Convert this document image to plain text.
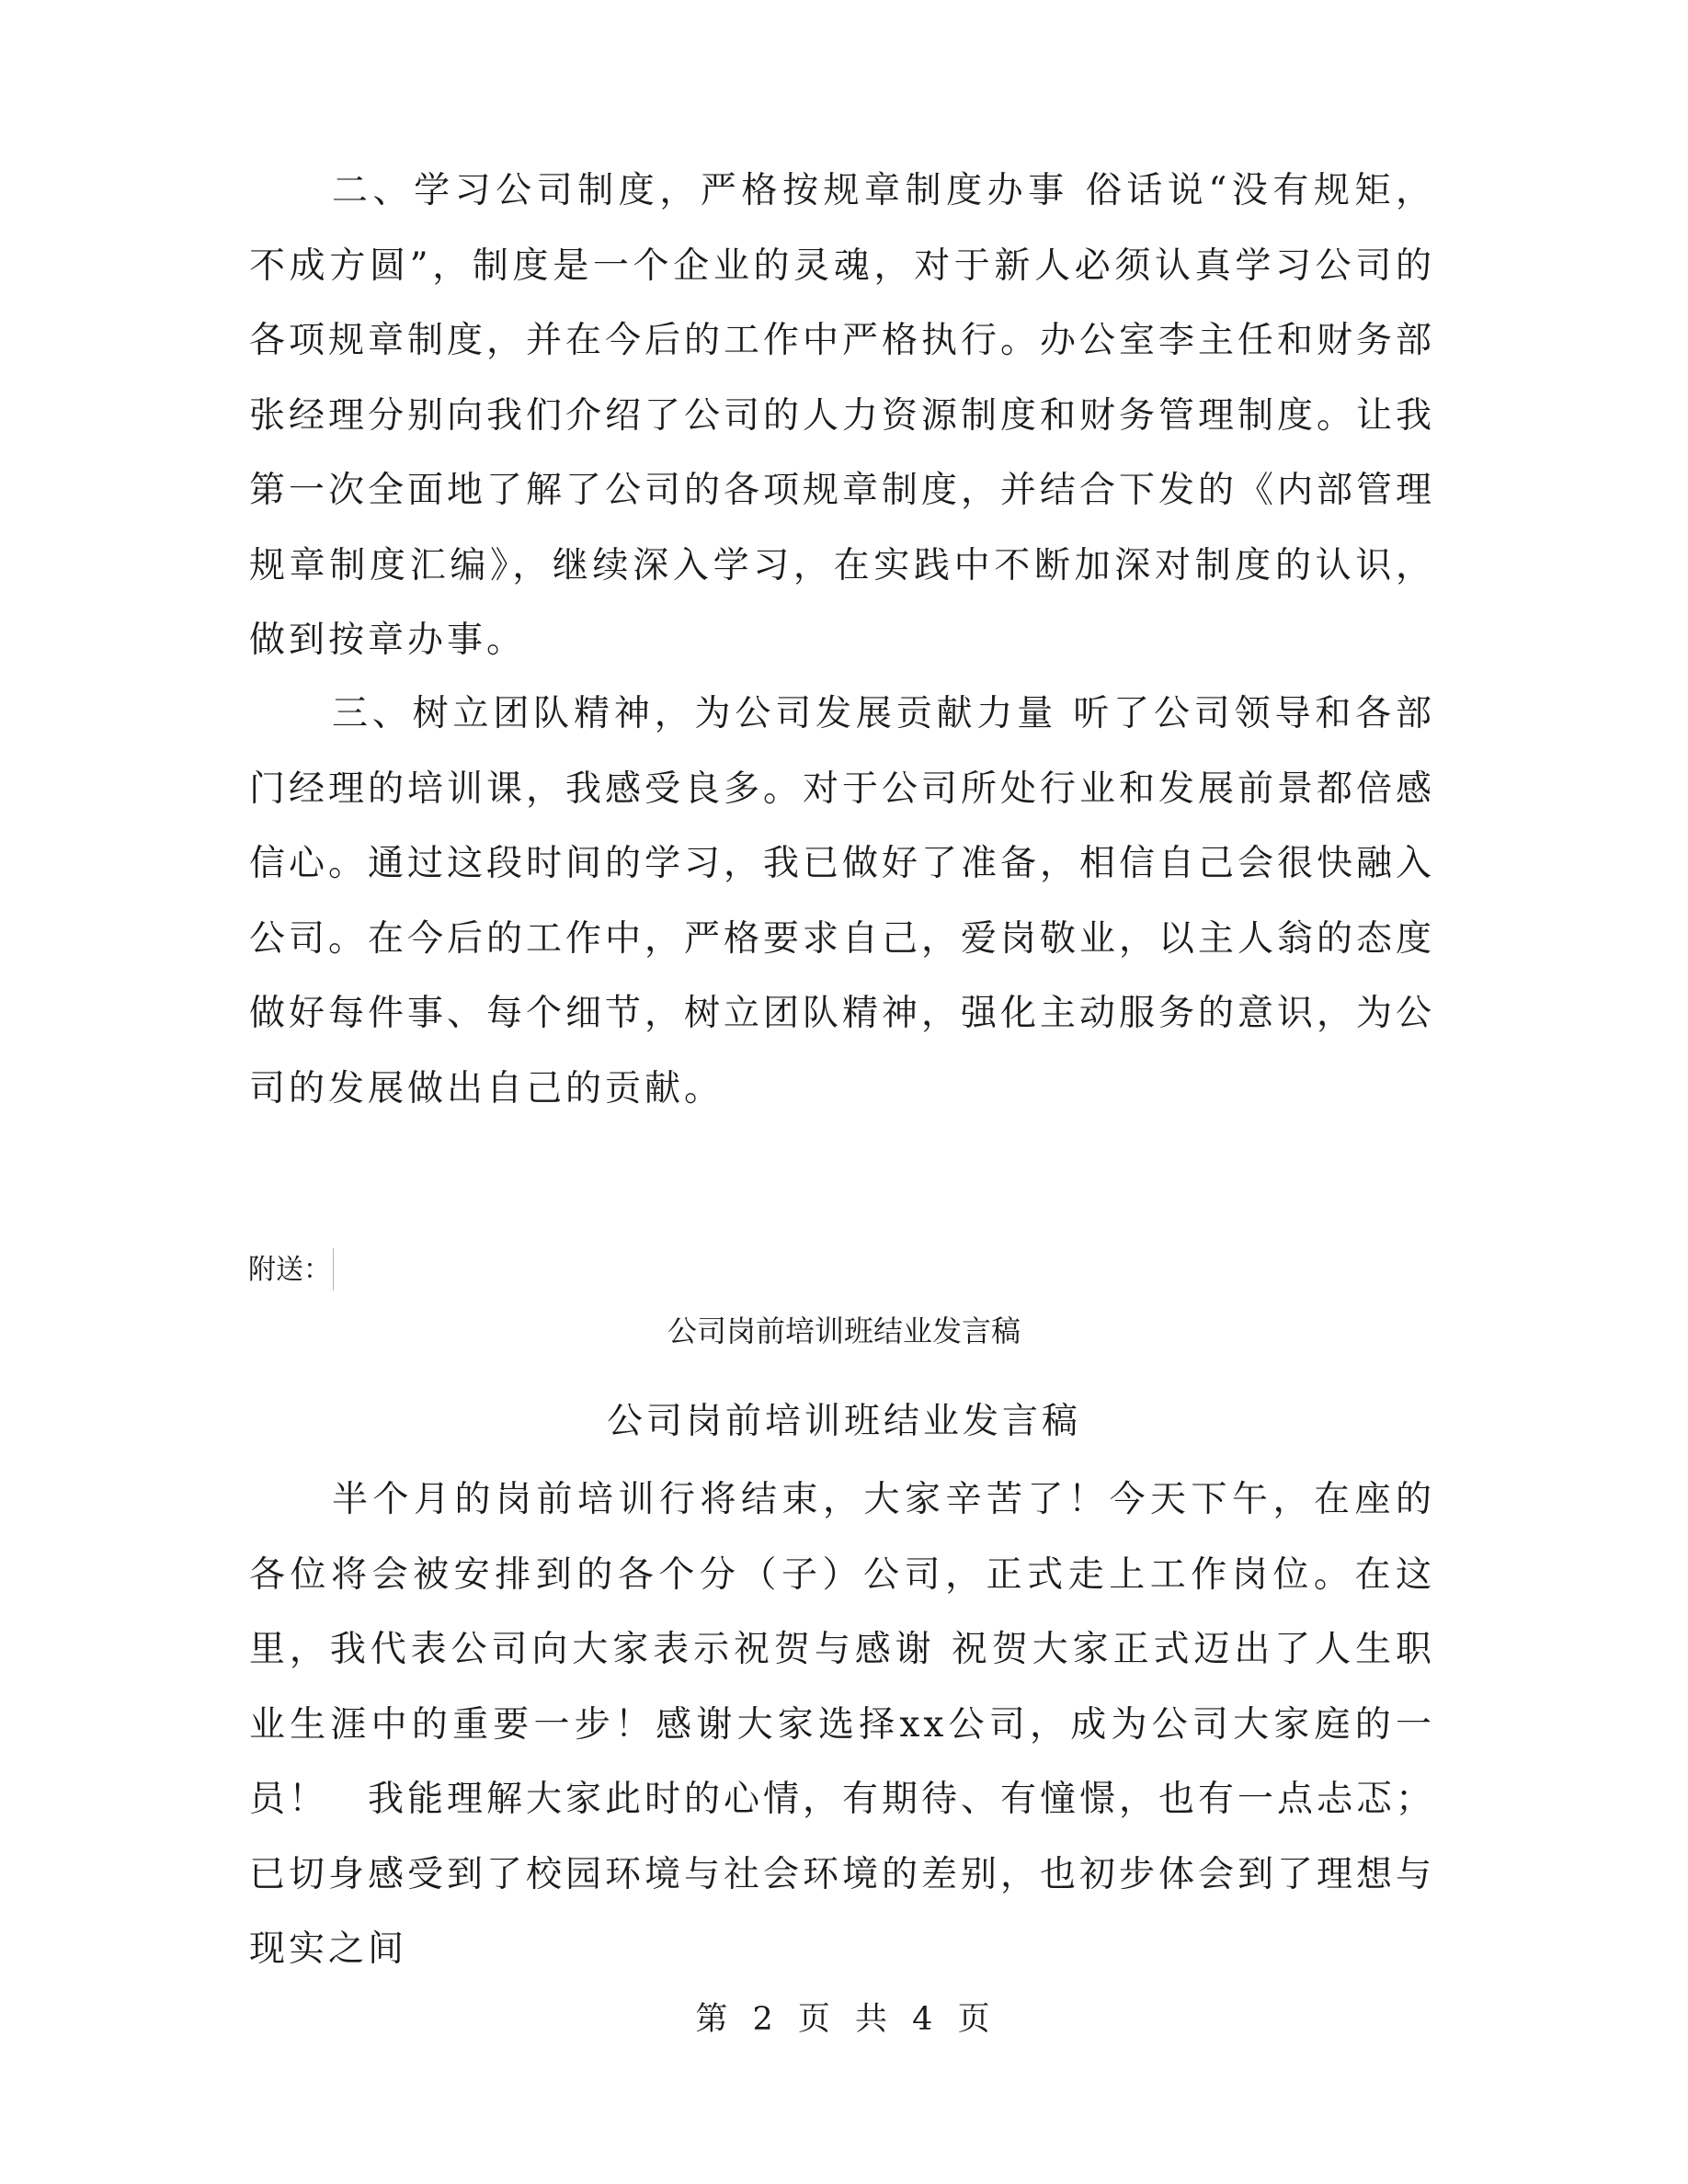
二、学习公司制度，严格按规章制度办事 俗话说“没有规矩，不成方圆”，制度是一个企业的灵魂，对于新人必须认真学习公司的各项规章制度，并在今后的工作中严格执行。办公室李主任和财务部张经理分别向我们介绍了公司的人力资源制度和财务管理制度。让我第一次全面地了解了公司的各项规章制度，并结合下发的《内部管理规章制度汇编》，继续深入学习，在实践中不断加深对制度的认识，做到按章办事。

三、树立团队精神，为公司发展贡献力量 听了公司领导和各部门经理的培训课，我感受良多。对于公司所处行业和发展前景都倍感信心。通过这段时间的学习，我已做好了准备，相信自己会很快融入公司。在今后的工作中，严格要求自己，爱岗敬业，以主人翁的态度做好每件事、每个细节，树立团队精神，强化主动服务的意识，为公司的发展做出自己的贡献。

附送：

公司岗前培训班结业发言稿

公司岗前培训班结业发言稿

半个月的岗前培训行将结束，大家辛苦了！今天下午，在座的各位将会被安排到的各个分（子）公司，正式走上工作岗位。在这里，我代表公司向大家表示祝贺与感谢 祝贺大家正式迈出了人生职业生涯中的重要一步！感谢大家选择xx公司，成为公司大家庭的一员！　我能理解大家此时的心情，有期待、有憧憬，也有一点忐忑；已切身感受到了校园环境与社会环境的差别，也初步体会到了理想与现实之间

第 2 页 共 4 页
